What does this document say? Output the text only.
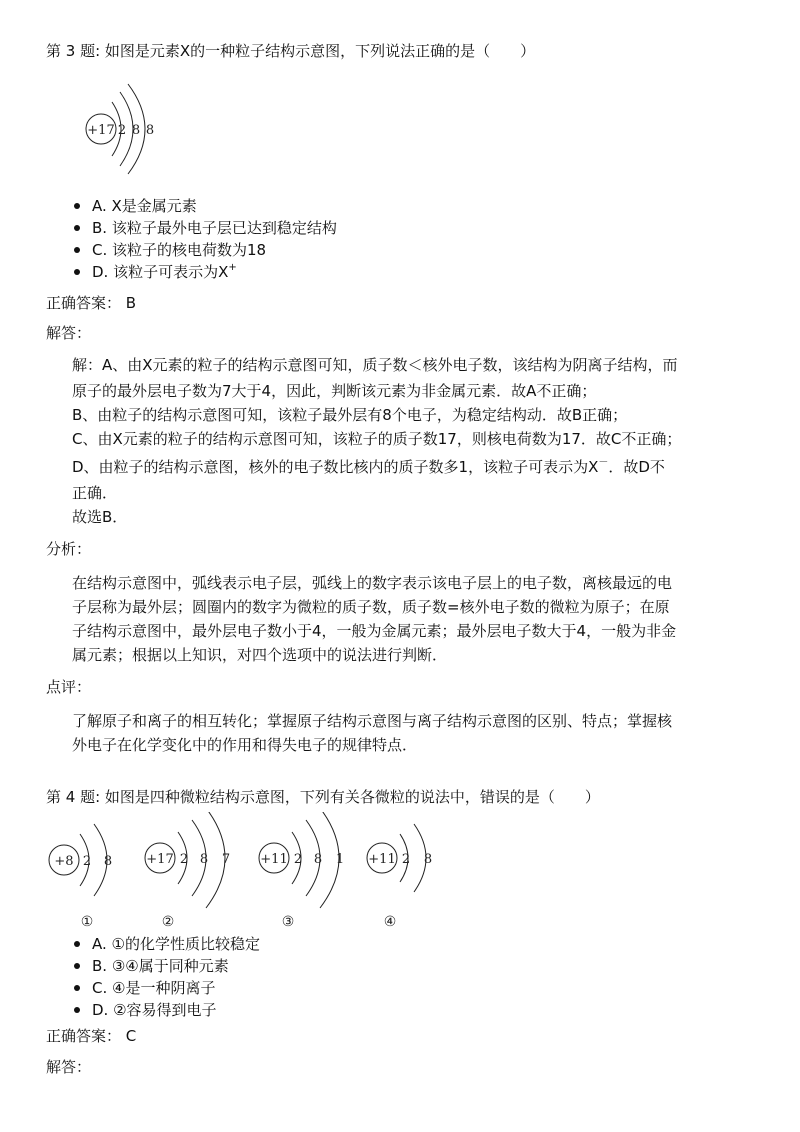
第 3 题: 如图是元素X的一种粒子结构示意图，下列说法正确的是（　　）
+17 2 8 8
A. X是金属元素
B. 该粒子最外电子层已达到稳定结构
C. 该粒子的核电荷数为18
D. 该粒子可表示为X+
正确答案： B
解答：
解：A、由X元素的粒子的结构示意图可知，质子数＜核外电子数，该结构为阴离子结构，而
原子的最外层电子数为7大于4，因此，判断该元素为非金属元素．故A不正确；
B、由粒子的结构示意图可知，该粒子最外层有8个电子，为稳定结构动．故B正确；
C、由X元素的粒子的结构示意图可知，该粒子的质子数17，则核电荷数为17．故C不正确；
D、由粒子的结构示意图，核外的电子数比核内的质子数多1，该粒子可表示为X－．故D不
正确．
故选B．
分析：
在结构示意图中，弧线表示电子层，弧线上的数字表示该电子层上的电子数，离核最远的电
子层称为最外层；圆圈内的数字为微粒的质子数，质子数=核外电子数的微粒为原子；在原
子结构示意图中，最外层电子数小于4，一般为金属元素；最外层电子数大于4，一般为非金
属元素；根据以上知识，对四个选项中的说法进行判断．
点评：
了解原子和离子的相互转化；掌握原子结构示意图与离子结构示意图的区别、特点；掌握核
外电子在化学变化中的作用和得失电子的规律特点．
第 4 题: 如图是四种微粒结构示意图，下列有关各微粒的说法中，错误的是（　　）
+8 2 8
①
+17 2 8 7
②
+11 2 8 1
③
+11 2 8
④
A. ①的化学性质比较稳定
B. ③④属于同种元素
C. ④是一种阴离子
D. ②容易得到电子
正确答案： C
解答：
